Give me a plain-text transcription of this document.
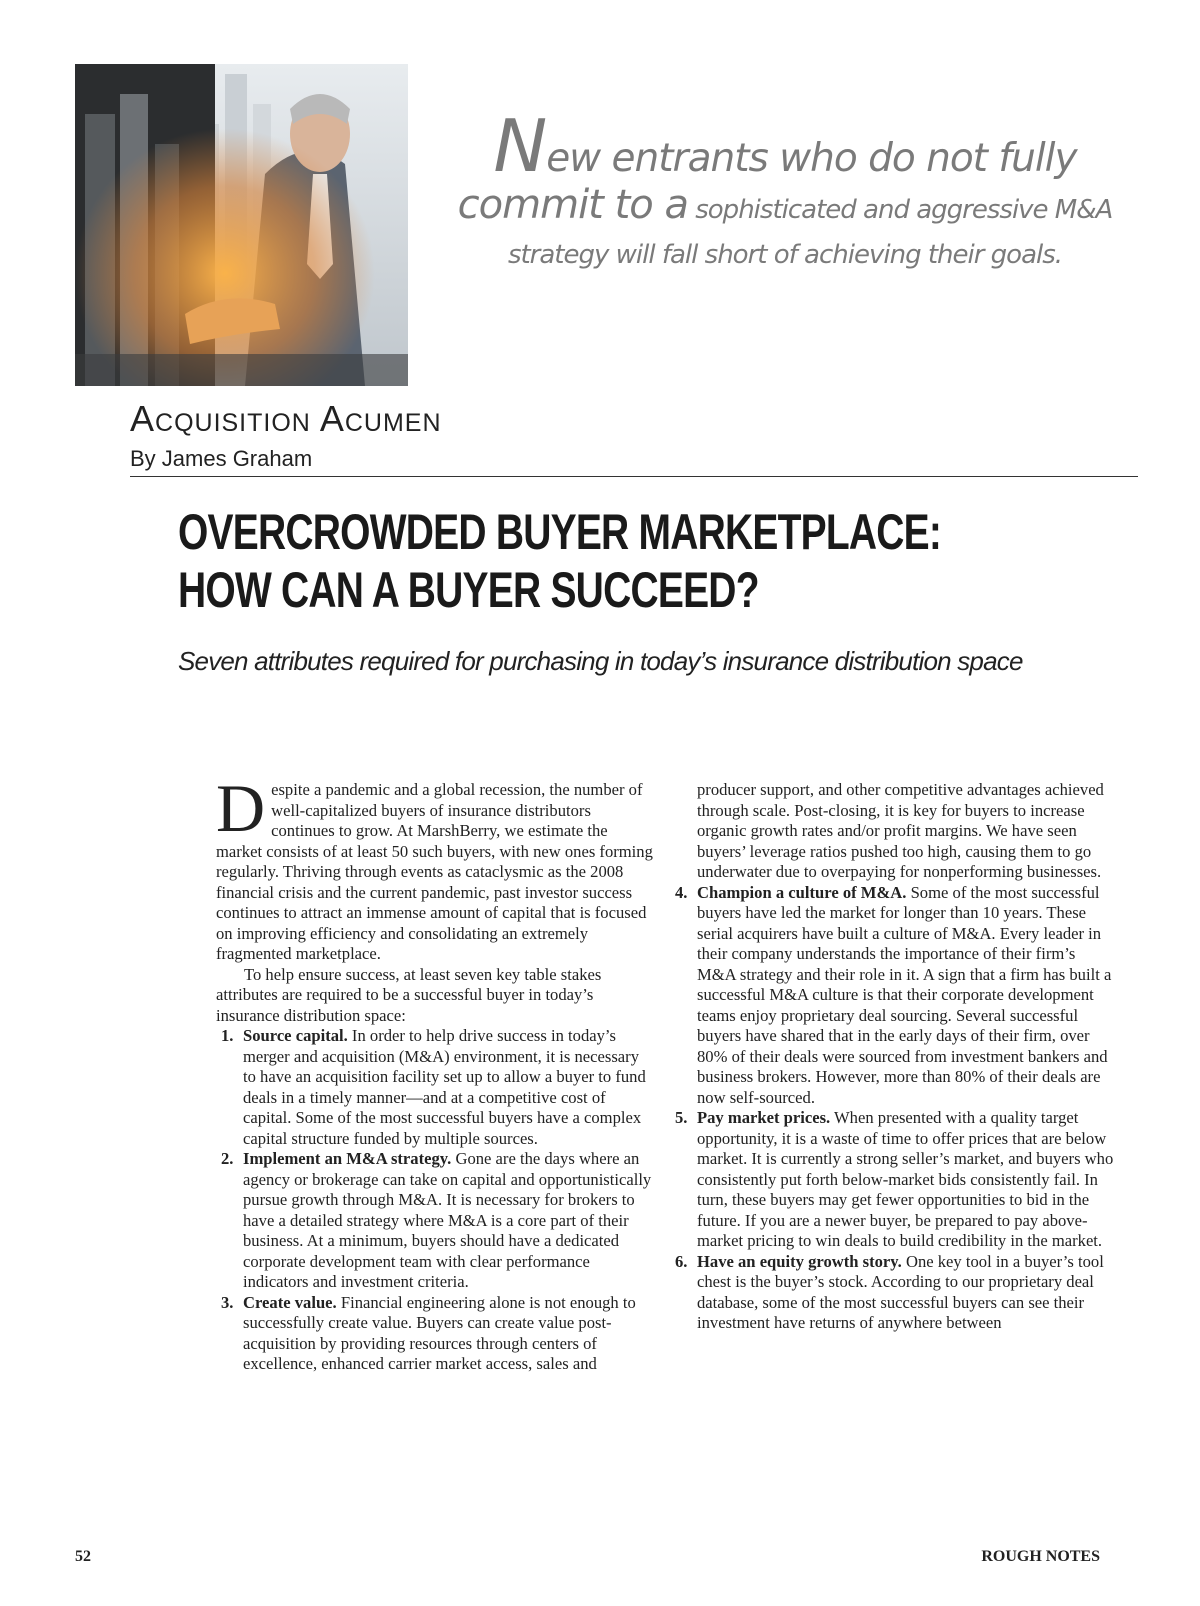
New entrants who do not fully
commit to a sophisticated and aggressive M&A
strategy will fall short of achieving their goals.
Acquisition Acumen
By James Graham
OVERCROWDED BUYER MARKETPLACE:
HOW CAN A BUYER SUCCEED?
Seven attributes required for purchasing in today’s insurance distribution space

Despite a pandemic and a global recession, the number of well-capitalized buyers of insurance distributors continues to grow. At MarshBerry, we estimate the market consists of at least 50 such buyers, with new ones forming regularly. Thriving through events as cataclysmic as the 2008 financial crisis and the current pandemic, past investor success continues to attract an immense amount of capital that is focused on improving efficiency and consolidating an extremely fragmented marketplace.

To help ensure success, at least seven key table stakes attributes are required to be a successful buyer in today’s insurance distribution space:

1. Source capital. In order to help drive success in today’s merger and acquisition (M&A) environment, it is necessary to have an acquisition facility set up to allow a buyer to fund deals in a timely manner—and at a competitive cost of capital. Some of the most successful buyers have a complex capital structure funded by multiple sources.

2. Implement an M&A strategy. Gone are the days where an agency or brokerage can take on capital and opportunistically pursue growth through M&A. It is necessary for brokers to have a detailed strategy where M&A is a core part of their business. At a minimum, buyers should have a dedicated corporate development team with clear performance indicators and investment criteria.

3. Create value. Financial engineering alone is not enough to successfully create value. Buyers can create value post-acquisition by providing resources through centers of excellence, enhanced carrier market access, sales and

producer support, and other competitive advantages achieved through scale. Post-closing, it is key for buyers to increase organic growth rates and/or profit margins. We have seen buyers’ leverage ratios pushed too high, causing them to go underwater due to overpaying for nonperforming businesses.

4. Champion a culture of M&A. Some of the most successful buyers have led the market for longer than 10 years. These serial acquirers have built a culture of M&A. Every leader in their company understands the importance of their firm’s M&A strategy and their role in it. A sign that a firm has built a successful M&A culture is that their corporate development teams enjoy proprietary deal sourcing. Several successful buyers have shared that in the early days of their firm, over 80% of their deals were sourced from investment bankers and business brokers. However, more than 80% of their deals are now self-sourced.

5. Pay market prices. When presented with a quality target opportunity, it is a waste of time to offer prices that are below market. It is currently a strong seller’s market, and buyers who consistently put forth below-market bids consistently fail. In turn, these buyers may get fewer opportunities to bid in the future. If you are a newer buyer, be prepared to pay above-market pricing to win deals to build credibility in the market.

6. Have an equity growth story. One key tool in a buyer’s tool chest is the buyer’s stock. According to our proprietary deal database, some of the most successful buyers can see their investment have returns of anywhere between

52	ROUGH NOTES
